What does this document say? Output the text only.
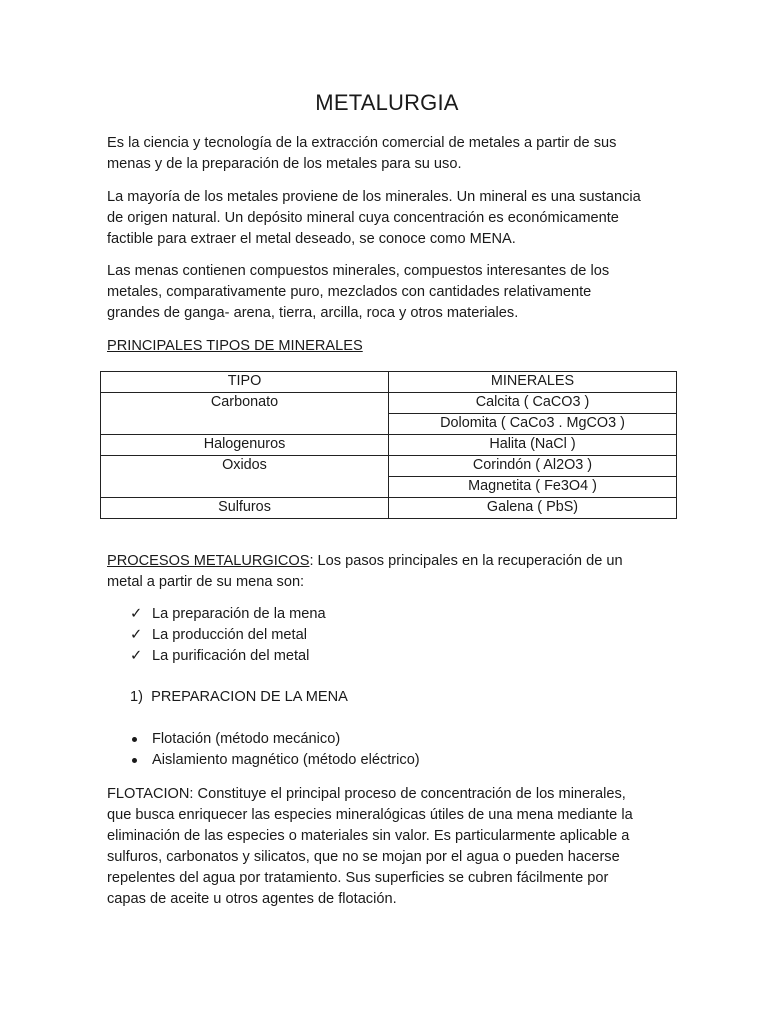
METALURGIA

Es la ciencia y tecnología de la extracción comercial de metales a partir de sus
menas y de la preparación de los metales para su uso.

La mayoría de los metales proviene de los minerales. Un mineral es una sustancia
de origen natural. Un depósito mineral cuya concentración es económicamente
factible para extraer el metal deseado, se conoce como MENA.

Las menas contienen compuestos minerales, compuestos interesantes de los
metales, comparativamente puro, mezclados con cantidades relativamente
grandes de ganga- arena, tierra, arcilla, roca y otros materiales.

PRINCIPALES TIPOS DE MINERALES

TIPO	MINERALES
Carbonato	Calcita ( CaCO3 )
	Dolomita ( CaCo3 . MgCO3 )
Halogenuros	Halita (NaCl )
Oxidos	Corindón ( Al2O3 )
	Magnetita ( Fe3O4 )
Sulfuros	Galena ( PbS)

PROCESOS METALURGICOS: Los pasos principales en la recuperación de un
metal a partir de su mena son:

✓ La preparación de la mena
✓ La producción del metal
✓ La purificación del metal
1) PREPARACION DE LA MENA
Flotación (método mecánico)
Aislamiento magnético (método eléctrico)

FLOTACION: Constituye el principal proceso de concentración de los minerales,
que busca enriquecer las especies mineralógicas útiles de una mena mediante la
eliminación de las especies o materiales sin valor. Es particularmente aplicable a
sulfuros, carbonatos y silicatos, que no se mojan por el agua o pueden hacerse
repelentes del agua por tratamiento. Sus superficies se cubren fácilmente por
capas de aceite u otros agentes de flotación.
